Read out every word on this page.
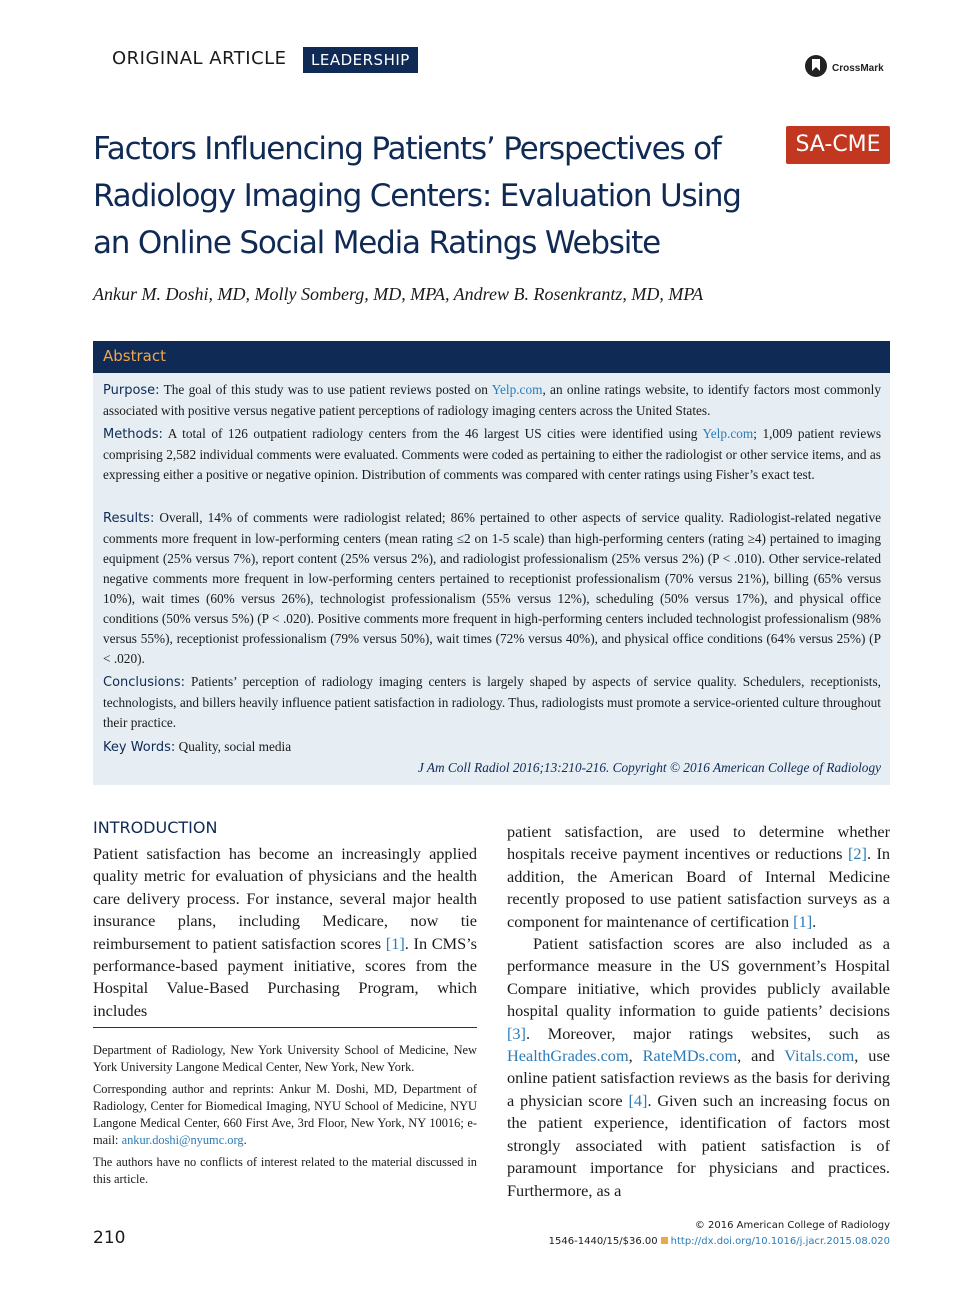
ORIGINAL ARTICLE	LEADERSHIP	CrossMark
Factors Influencing Patients’ Perspectives of
Radiology Imaging Centers: Evaluation Using
an Online Social Media Ratings Website
SA-CME
Ankur M. Doshi, MD, Molly Somberg, MD, MPA, Andrew B. Rosenkrantz, MD, MPA
Abstract
Purpose: The goal of this study was to use patient reviews posted on Yelp.com, an online ratings website, to identify factors most commonly associated with positive versus negative patient perceptions of radiology imaging centers across the United States.
Methods: A total of 126 outpatient radiology centers from the 46 largest US cities were identified using Yelp.com; 1,009 patient reviews comprising 2,582 individual comments were evaluated. Comments were coded as pertaining to either the radiologist or other service items, and as expressing either a positive or negative opinion. Distribution of comments was compared with center ratings using Fisher’s exact test.
Results: Overall, 14% of comments were radiologist related; 86% pertained to other aspects of service quality. Radiologist-related negative comments more frequent in low-performing centers (mean rating ≤2 on 1-5 scale) than high-performing centers (rating ≥4) pertained to imaging equipment (25% versus 7%), report content (25% versus 2%), and radiologist professionalism (25% versus 2%) (P < .010). Other service-related negative comments more frequent in low-performing centers pertained to receptionist professionalism (70% versus 21%), billing (65% versus 10%), wait times (60% versus 26%), technologist professionalism (55% versus 12%), scheduling (50% versus 17%), and physical office conditions (50% versus 5%) (P < .020). Positive comments more frequent in high-performing centers included technologist professionalism (98% versus 55%), receptionist professionalism (79% versus 50%), wait times (72% versus 40%), and physical office conditions (64% versus 25%) (P < .020).
Conclusions: Patients’ perception of radiology imaging centers is largely shaped by aspects of service quality. Schedulers, receptionists, technologists, and billers heavily influence patient satisfaction in radiology. Thus, radiologists must promote a service-oriented culture throughout their practice.
Key Words: Quality, social media
J Am Coll Radiol 2016;13:210-216. Copyright © 2016 American College of Radiology
INTRODUCTION

Patient satisfaction has become an increasingly applied quality metric for evaluation of physicians and the health care delivery process. For instance, several major health insurance plans, including Medicare, now tie reimbursement to patient satisfaction scores [1]. In CMS’s performance-based payment initiative, scores from the Hospital Value-Based Purchasing Program, which includes

patient satisfaction, are used to determine whether hospitals receive payment incentives or reductions [2]. In addition, the American Board of Internal Medicine recently proposed to use patient satisfaction surveys as a component for maintenance of certification [1].

Patient satisfaction scores are also included as a performance measure in the US government’s Hospital Compare initiative, which provides publicly available hospital quality information to guide patients’ decisions [3]. Moreover, major ratings websites, such as HealthGrades.com, RateMDs.com, and Vitals.com, use online patient satisfaction reviews as the basis for deriving a physician score [4]. Given such an increasing focus on the patient experience, identification of factors most strongly associated with patient satisfaction is of paramount importance for physicians and practices. Furthermore, as a

Department of Radiology, New York University School of Medicine, New York University Langone Medical Center, New York, New York.

Corresponding author and reprints: Ankur M. Doshi, MD, Department of Radiology, Center for Biomedical Imaging, NYU School of Medicine, NYU Langone Medical Center, 660 First Ave, 3rd Floor, New York, NY 10016; e-mail: ankur.doshi@nyumc.org.

The authors have no conflicts of interest related to the material discussed in this article.

210
© 2016 American College of Radiology
1546-1440/15/$36.00 http://dx.doi.org/10.1016/j.jacr.2015.08.020
